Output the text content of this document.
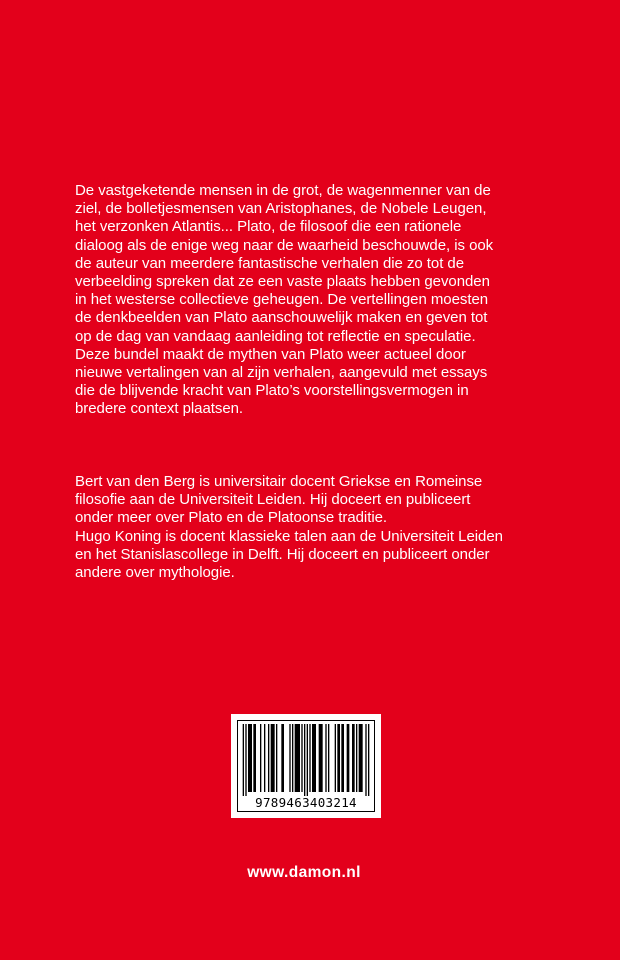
De vastgeketende mensen in de grot, de wagenmenner van de
ziel, de bolletjesmensen van Aristophanes, de Nobele Leugen,
het verzonken Atlantis... Plato, de filosoof die een rationele
dialoog als de enige weg naar de waarheid beschouwde, is ook
de auteur van meerdere fantastische verhalen die zo tot de
verbeelding spreken dat ze een vaste plaats hebben gevonden
in het westerse collectieve geheugen. De vertellingen moesten
de denkbeelden van Plato aanschouwelijk maken en geven tot
op de dag van vandaag aanleiding tot reflectie en speculatie.
Deze bundel maakt de mythen van Plato weer actueel door
nieuwe vertalingen van al zijn verhalen, aangevuld met essays
die de blijvende kracht van Plato’s voorstellingsvermogen in
bredere context plaatsen.
Bert van den Berg is universitair docent Griekse en Romeinse
filosofie aan de Universiteit Leiden. Hij doceert en publiceert
onder meer over Plato en de Platoonse traditie.
Hugo Koning is docent klassieke talen aan de Universiteit Leiden
en het Stanislascollege in Delft. Hij doceert en publiceert onder
andere over mythologie.
9789463403214
www.damon.nl
